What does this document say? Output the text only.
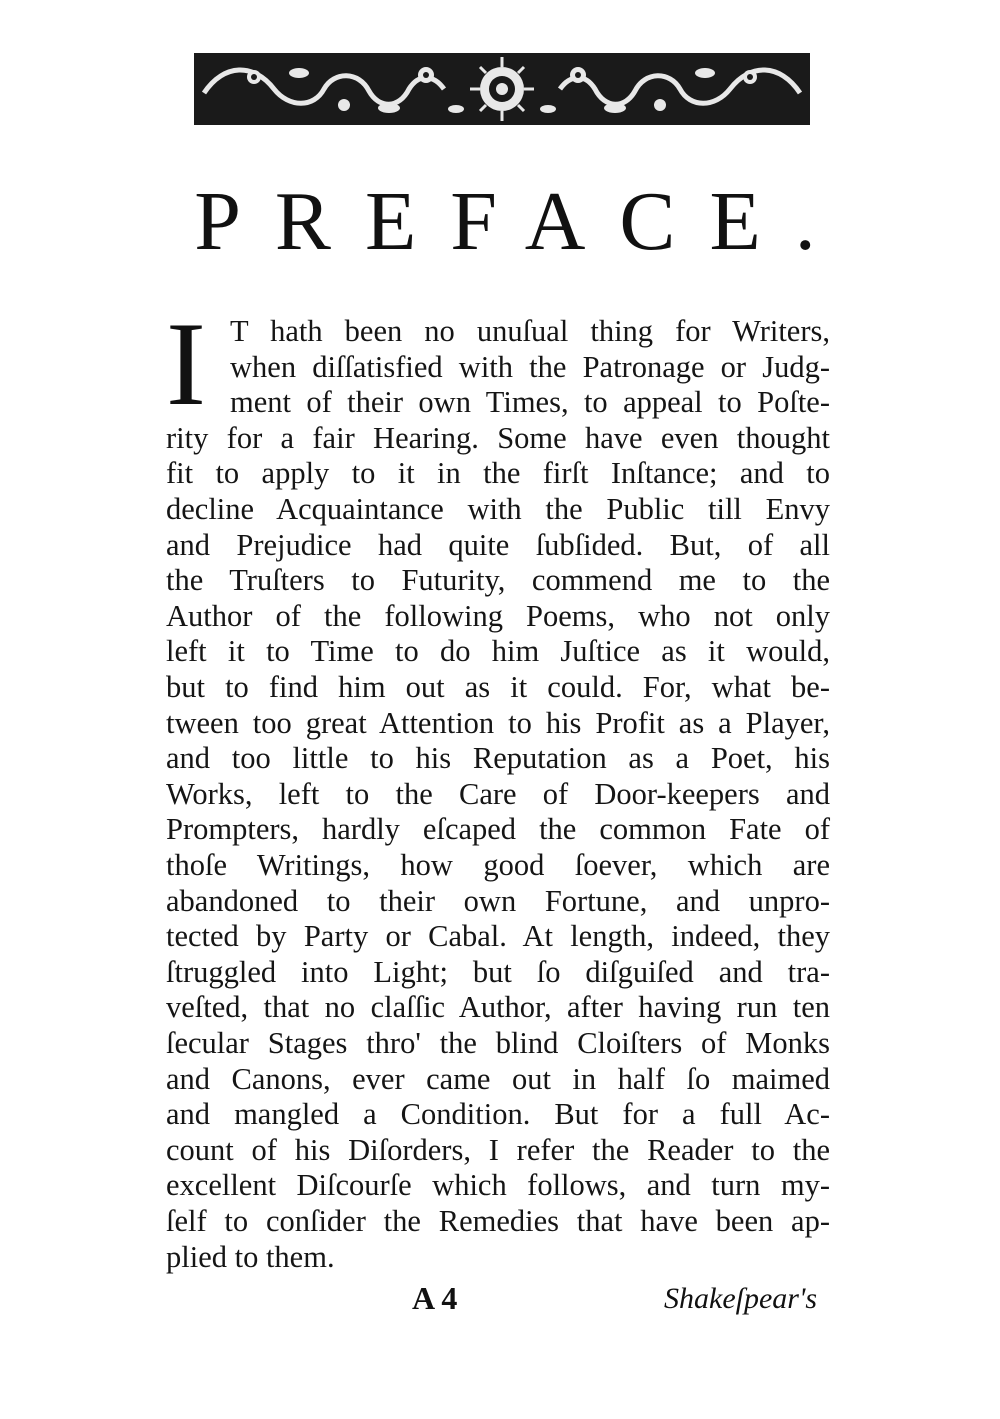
PREFACE.
I T hath been no unuſual thing for Writers,
when diſſatisfied with the Patronage or Judg-
ment of their own Times, to appeal to Poſte-
rity for a fair Hearing. Some have even thought
fit to apply to it in the firſt Inſtance; and to
decline Acquaintance with the Public till Envy
and Prejudice had quite ſubſided. But, of all
the Truſters to Futurity, commend me to the
Author of the following Poems, who not only
left it to Time to do him Juſtice as it would,
but to find him out as it could. For, what be-
tween too great Attention to his Profit as a Player,
and too little to his Reputation as a Poet, his
Works, left to the Care of Door-keepers and
Prompters, hardly eſcaped the common Fate of
thoſe Writings, how good ſoever, which are
abandoned to their own Fortune, and unpro-
tected by Party or Cabal. At length, indeed, they
ſtruggled into Light; but ſo diſguiſed and tra-
veſted, that no claſſic Author, after having run ten
ſecular Stages thro' the blind Cloiſters of Monks
and Canons, ever came out in half ſo maimed
and mangled a Condition. But for a full Ac-
count of his Diſorders, I refer the Reader to the
excellent Diſcourſe which follows, and turn my-
ſelf to conſider the Remedies that have been ap-
plied to them.
A 4	Shakeſpear's
